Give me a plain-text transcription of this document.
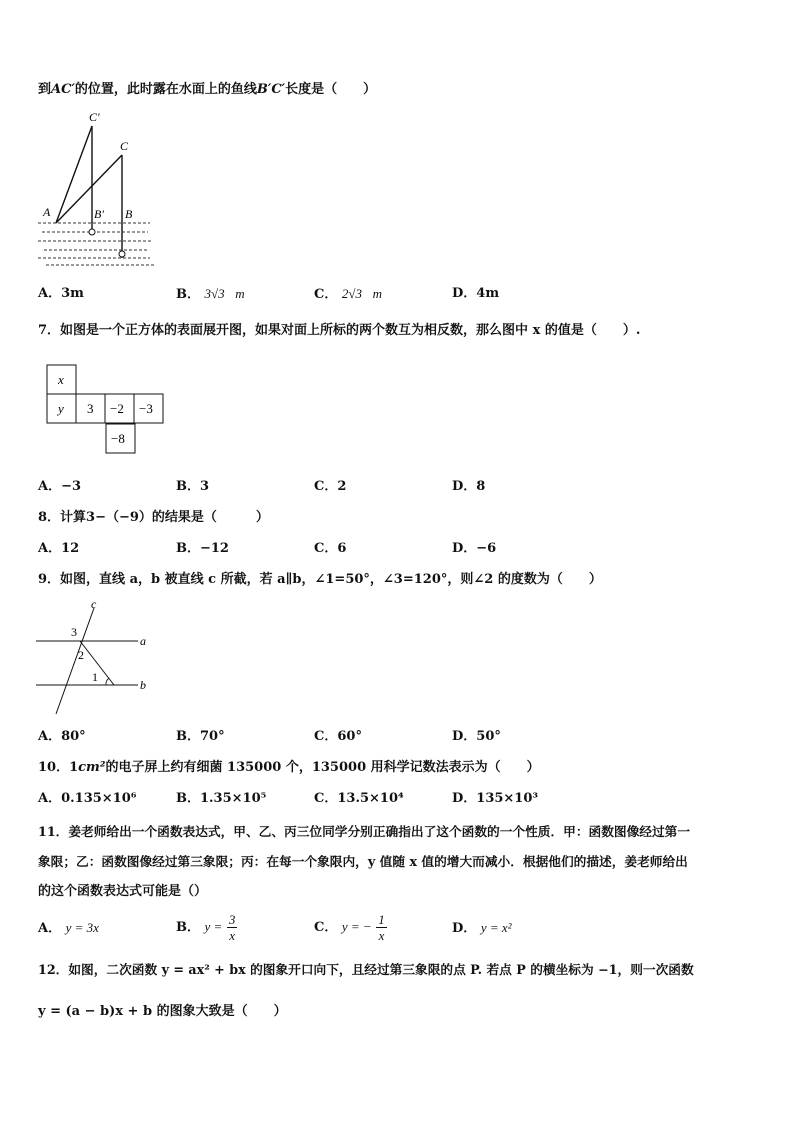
到AC′的位置，此时露在水面上的鱼线B′C′长度是（　　）
C′
C
A	B′ B
A．3m	B． 3√3 m	C． 2√3 m	D．4m
7．如图是一个正方体的表面展开图，如果对面上所标的两个数互为相反数，那么图中 x 的值是（　　）.
x
y 3 −2 −3
−8
A．−3	B．3	C．2	D．8
8．计算3−（−9）的结果是（　　　）
A．12	B．−12	C．6	D．−6
9．如图，直线 a，b 被直线 c 所截，若 a∥b，∠1=50°，∠3=120°，则∠2 的度数为（　　）
c
a
b
3
2
1
A．80°	B．70°	C．60°	D．50°
10．1cm²的电子屏上约有细菌 135000 个，135000 用科学记数法表示为（　　）
A．0.135×10⁶	B．1.35×10⁵	C．13.5×10⁴	D．135×10³
11．姜老师给出一个函数表达式，甲、乙、丙三位同学分别正确指出了这个函数的一个性质．甲：函数图像经过第一
象限；乙：函数图像经过第三象限；丙：在每一个象限内，y 值随 x 值的增大而减小．根据他们的描述，姜老师给出
的这个函数表达式可能是（）
A． y = 3x	B． $y = \frac{3}{x}$	C． y = − $\frac{1}{x}$	D． y = x²
12．如图，二次函数 y = ax² + bx 的图象开口向下，且经过第三象限的点 P. 若点 P 的横坐标为 −1，则一次函数
y = (a − b)x + b 的图象大致是（　　）
